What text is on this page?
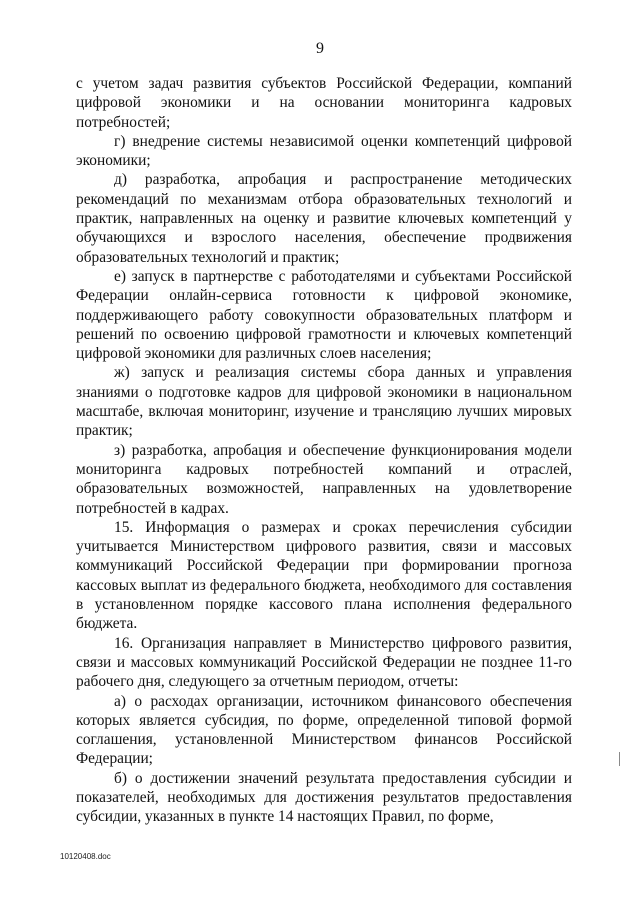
9

с учетом задач развития субъектов Российской Федерации, компаний цифровой экономики и на основании мониторинга кадровых потребностей;

г) внедрение системы независимой оценки компетенций цифровой экономики;

д) разработка, апробация и распространение методических рекомендаций по механизмам отбора образовательных технологий и практик, направленных на оценку и развитие ключевых компетенций у обучающихся и взрослого населения, обеспечение продвижения образовательных технологий и практик;

е) запуск в партнерстве с работодателями и субъектами Российской Федерации онлайн-сервиса готовности к цифровой экономике, поддерживающего работу совокупности образовательных платформ и решений по освоению цифровой грамотности и ключевых компетенций цифровой экономики для различных слоев населения;

ж) запуск и реализация системы сбора данных и управления знаниями о подготовке кадров для цифровой экономики в национальном масштабе, включая мониторинг, изучение и трансляцию лучших мировых практик;

з) разработка, апробация и обеспечение функционирования модели мониторинга кадровых потребностей компаний и отраслей, образовательных возможностей, направленных на удовлетворение потребностей в кадрах.

15. Информация о размерах и сроках перечисления субсидии учитывается Министерством цифрового развития, связи и массовых коммуникаций Российской Федерации при формировании прогноза кассовых выплат из федерального бюджета, необходимого для составления в установленном порядке кассового плана исполнения федерального бюджета.

16. Организация направляет в Министерство цифрового развития, связи и массовых коммуникаций Российской Федерации не позднее 11-го рабочего дня, следующего за отчетным периодом, отчеты:

а) о расходах организации, источником финансового обеспечения которых является субсидия, по форме, определенной типовой формой соглашения, установленной Министерством финансов Российской Федерации;

б) о достижении значений результата предоставления субсидии и показателей, необходимых для достижения результатов предоставления субсидии, указанных в пункте 14 настоящих Правил, по форме,

10120408.doc
